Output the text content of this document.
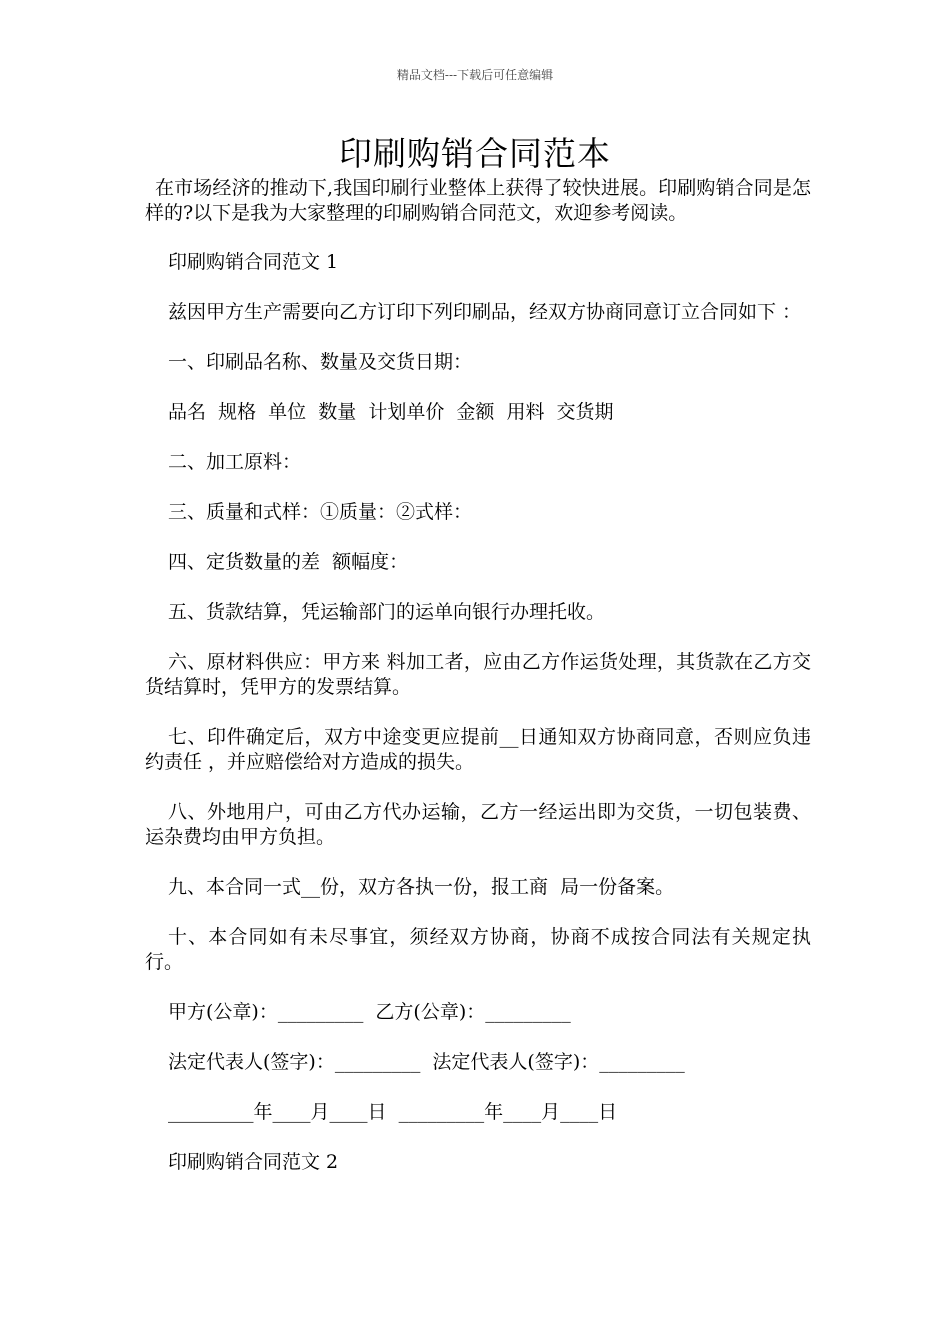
精品文档---下载后可任意编辑
印刷购销合同范本

在市场经济的推动下,我国印刷行业整体上获得了较快进展。印刷购销合同是怎样的?以下是我为大家整理的印刷购销合同范文，欢迎参考阅读。

印刷购销合同范文 1

兹因甲方生产需要向乙方订印下列印刷品，经双方协商同意订立合同如下 ：

一、印刷品名称、数量及交货日期：

品名  规格  单位  数量  计划单价  金额  用料  交货期

二、加工原料：

三、质量和式样：①质量：②式样：

四、定货数量的差  额幅度：

五、货款结算，凭运输部门的运单向银行办理托收。

六、原材料供应：甲方来 料加工者，应由乙方作运货处理，其货款在乙方交货结算时，凭甲方的发票结算。

七、印件确定后，双方中途变更应提前__日通知双方协商同意，否则应负违约责任 ，并应赔偿给对方造成的损失。

八、外地用户，可由乙方代办运输，乙方一经运出即为交货，一切包装费、运杂费均由甲方负担。

九、本合同一式__份，双方各执一份，报工商  局一份备案。

十、本合同如有未尽事宜，须经双方协商，协商不成按合同法有关规定执行。

甲方(公章)：_________  乙方(公章)：_________

法定代表人(签字)：_________  法定代表人(签字)：_________

_________年____月____日  _________年____月____日

印刷购销合同范文 2
